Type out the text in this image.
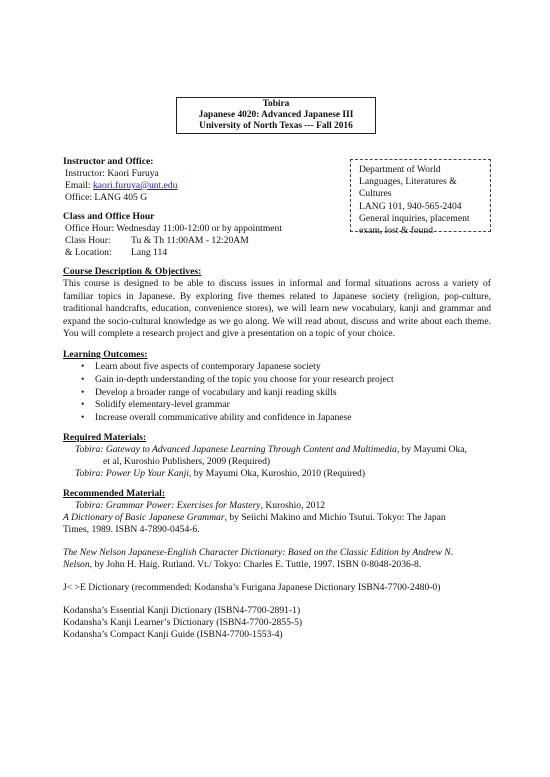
Tobira
Japanese 4020: Advanced Japanese III
University of North Texas --- Fall 2016
Instructor and Office:
Instructor: Kaori Furuya
Email: kaori.furuya@unt.edu
Office: LANG 405 G
Department of World
Languages, Literatures &
Cultures
LANG 101, 940-565-2404
General inquiries, placement
exam, lost & found
Class and Office Hour
Office Hour: Wednesday 11:00-12:00 or by appointment
Class Hour: Tu & Th 11:00AM - 12:20AM
& Location: Lang 114
Course Description & Objectives:
This course is designed to be able to discuss issues in informal and formal situations across a variety of familiar topics in Japanese. By exploring five themes related to Japanese society (religion, pop-culture, traditional handcrafts, education, convenience stores), we will learn new vocabulary, kanji and grammar and expand the socio-cultural knowledge as we go along. We will read about, discuss and write about each theme. You will complete a research project and give a presentation on a topic of your choice.
Learning Outcomes:
• Learn about five aspects of contemporary Japanese society
• Gain in-depth understanding of the topic you choose for your research project
• Develop a broader range of vocabulary and kanji reading skills
• Solidify elementary-level grammar
• Increase overall communicative ability and confidence in Japanese
Required Materials:
Tobira: Gateway to Advanced Japanese Learning Through Content and Multimedia, by Mayumi Oka,
et al, Kuroshio Publishers, 2009 (Required)
Tobira: Power Up Your Kanji, by Mayumi Oka, Kuroshio, 2010 (Required)
Recommended Material:
Tobira: Grammar Power: Exercises for Mastery, Kuroshio, 2012
A Dictionary of Basic Japanese Grammar, by Seiichi Makino and Michio Tsutui. Tokyo: The Japan
Times, 1989. ISBN 4-7890-0454-6.
The New Nelson Japanese-English Character Dictionary: Based on the Classic Edition by Andrew N.
Nelson, by John H. Haig. Rutland. Vt./ Tokyo: Charles E. Tuttle, 1997. ISBN 0-8048-2036-8.
J< >E Dictionary (recommended: Kodansha’s Furigana Japanese Dictionary ISBN4-7700-2480-0)
Kodansha’s Essential Kanji Dictionary (ISBN4-7700-2891-1)
Kodansha’s Kanji Learner’s Dictionary (ISBN4-7700-2855-5)
Kodansha’s Compact Kanji Guide (ISBN4-7700-1553-4)
